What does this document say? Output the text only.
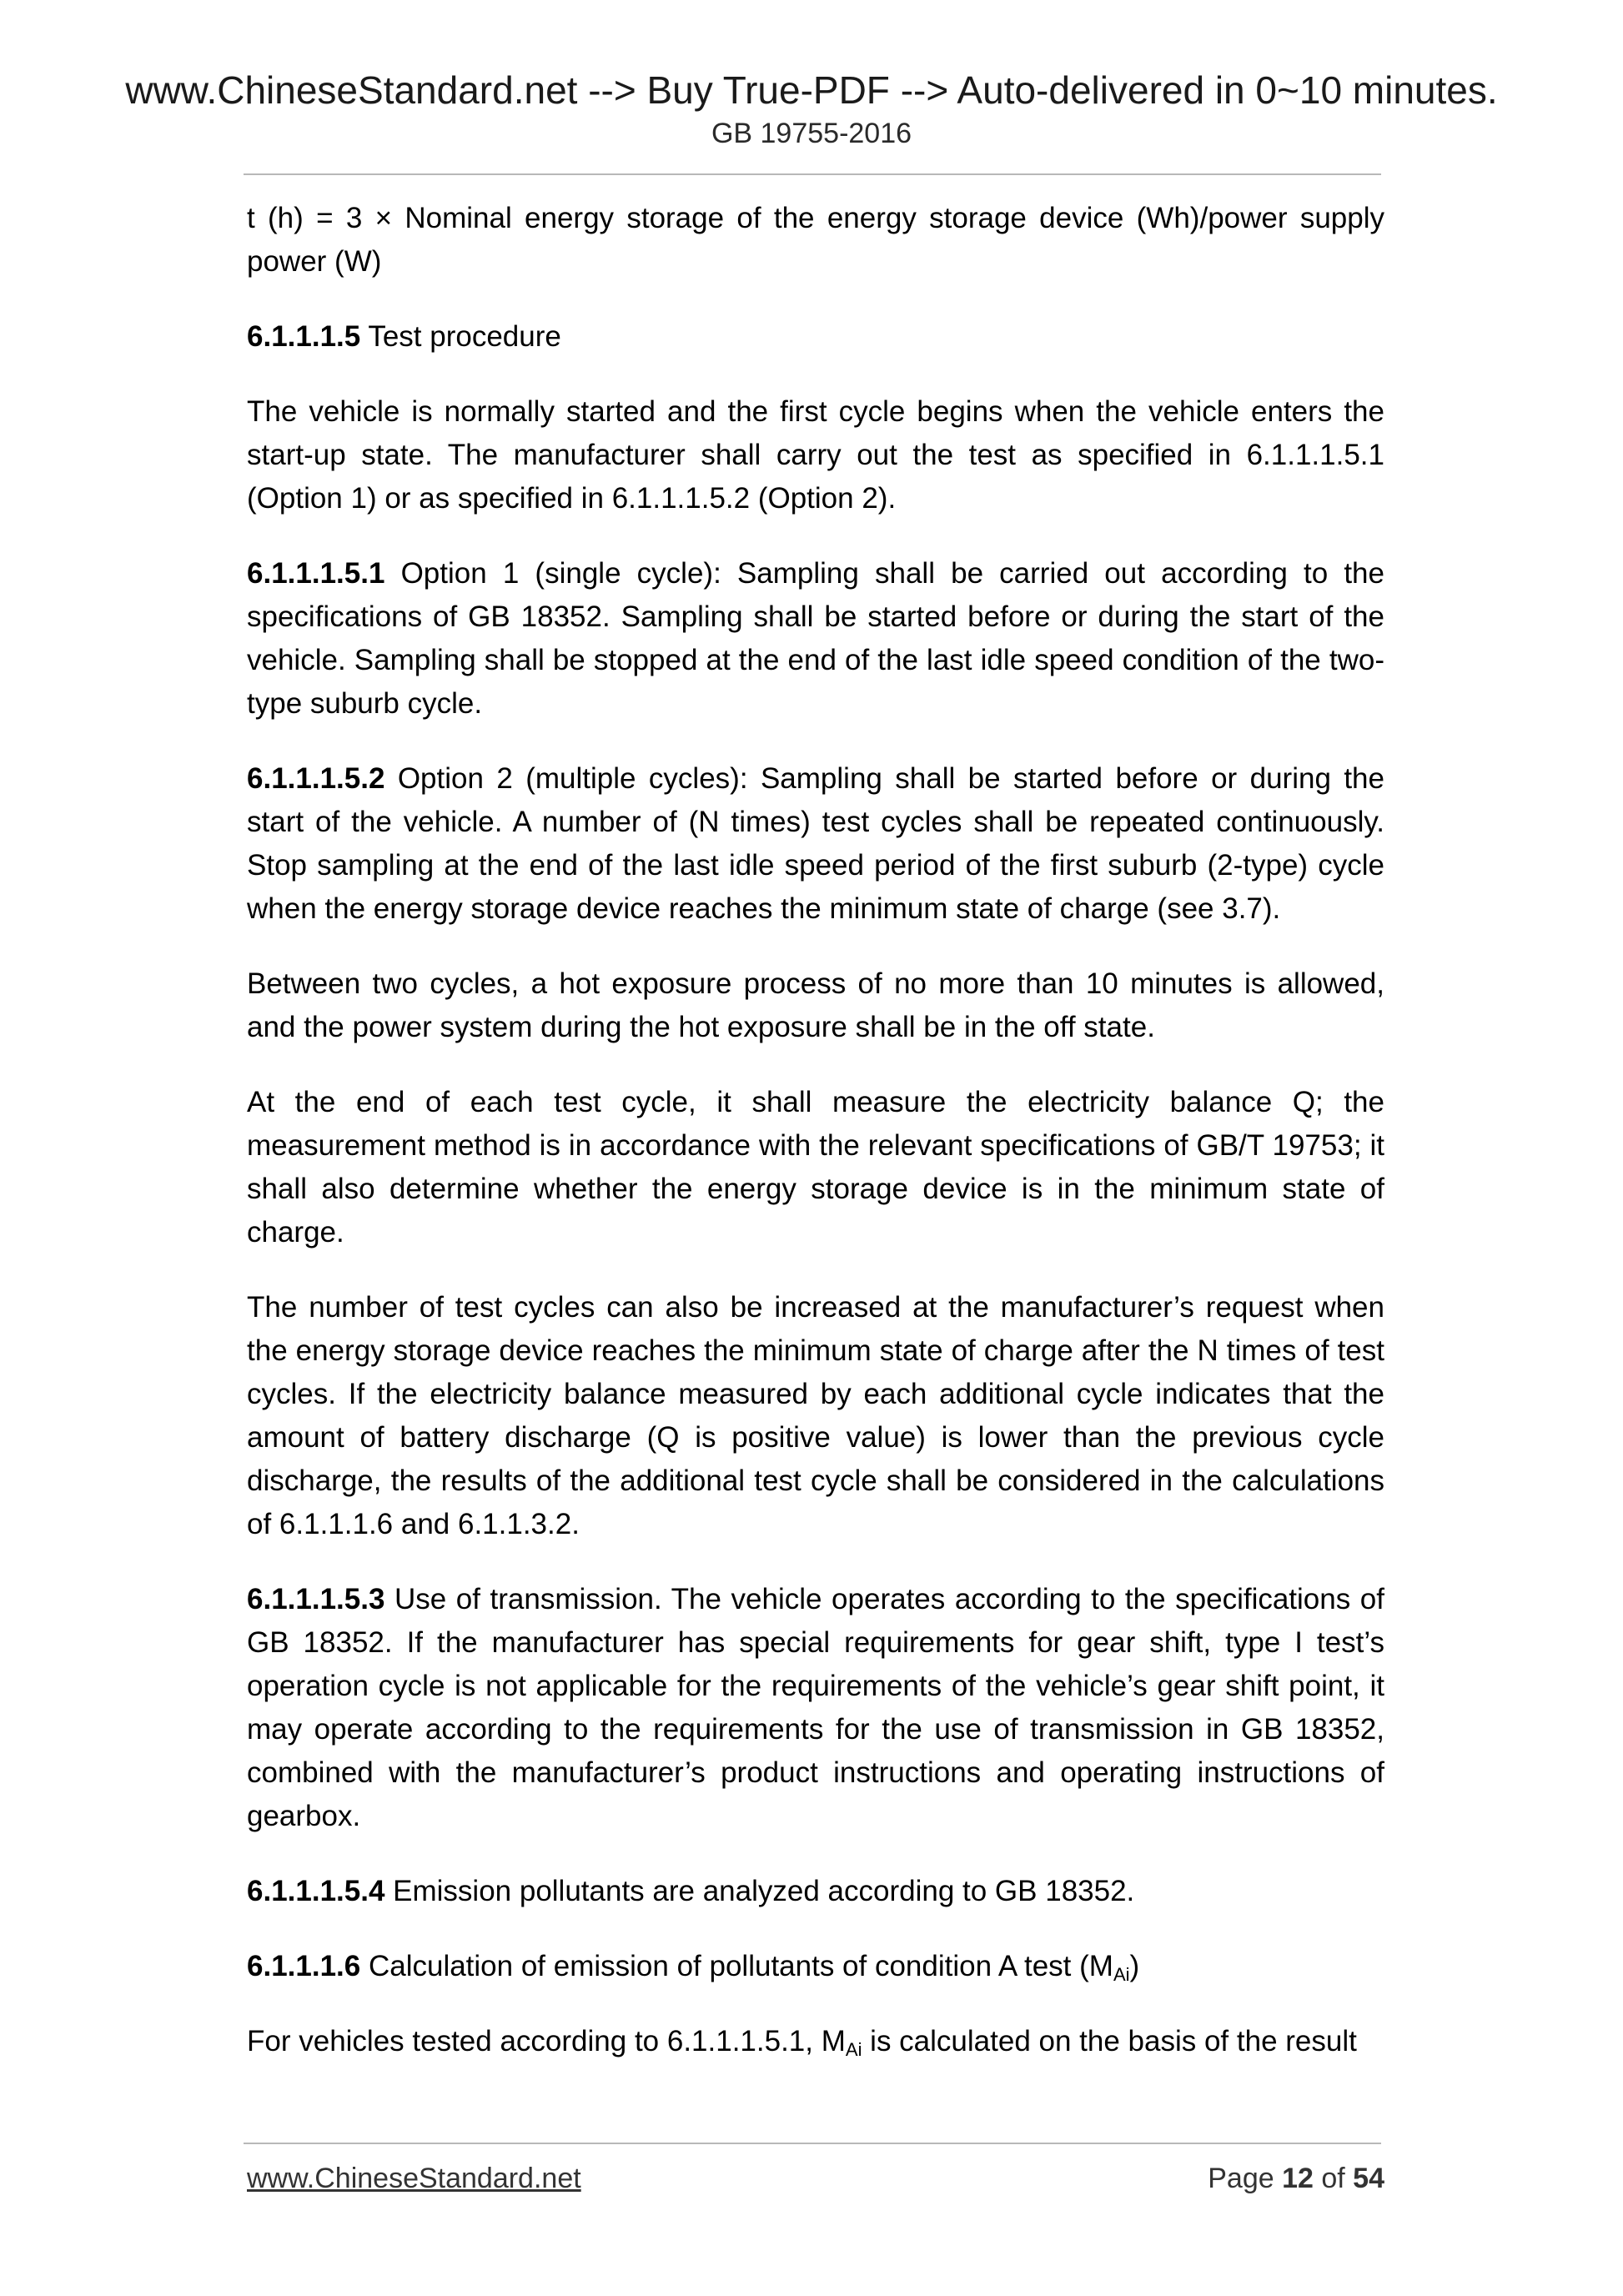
www.ChineseStandard.net --> Buy True-PDF --> Auto-delivered in 0~10 minutes.

GB 19755-2016

t (h) = 3 × Nominal energy storage of the energy storage device (Wh)/power supply power (W)

6.1.1.1.5 Test procedure

The vehicle is normally started and the first cycle begins when the vehicle enters the start-up state. The manufacturer shall carry out the test as specified in 6.1.1.1.5.1 (Option 1) or as specified in 6.1.1.1.5.2 (Option 2).

6.1.1.1.5.1 Option 1 (single cycle): Sampling shall be carried out according to the specifications of GB 18352. Sampling shall be started before or during the start of the vehicle. Sampling shall be stopped at the end of the last idle speed condition of the two-type suburb cycle.

6.1.1.1.5.2 Option 2 (multiple cycles): Sampling shall be started before or during the start of the vehicle. A number of (N times) test cycles shall be repeated continuously. Stop sampling at the end of the last idle speed period of the first suburb (2-type) cycle when the energy storage device reaches the minimum state of charge (see 3.7).

Between two cycles, a hot exposure process of no more than 10 minutes is allowed, and the power system during the hot exposure shall be in the off state.

At the end of each test cycle, it shall measure the electricity balance Q; the measurement method is in accordance with the relevant specifications of GB/T 19753; it shall also determine whether the energy storage device is in the minimum state of charge.

The number of test cycles can also be increased at the manufacturer’s request when the energy storage device reaches the minimum state of charge after the N times of test cycles. If the electricity balance measured by each additional cycle indicates that the amount of battery discharge (Q is positive value) is lower than the previous cycle discharge, the results of the additional test cycle shall be considered in the calculations of 6.1.1.1.6 and 6.1.1.3.2.

6.1.1.1.5.3 Use of transmission. The vehicle operates according to the specifications of GB 18352. If the manufacturer has special requirements for gear shift, type I test’s operation cycle is not applicable for the requirements of the vehicle’s gear shift point, it may operate according to the requirements for the use of transmission in GB 18352, combined with the manufacturer’s product instructions and operating instructions of gearbox.

6.1.1.1.5.4 Emission pollutants are analyzed according to GB 18352.

6.1.1.1.6 Calculation of emission of pollutants of condition A test $(M_{Ai})$

For vehicles tested according to 6.1.1.1.5.1, $M_{Ai}$ is calculated on the basis of the result

www.ChineseStandard.net	Page 12 of 54
